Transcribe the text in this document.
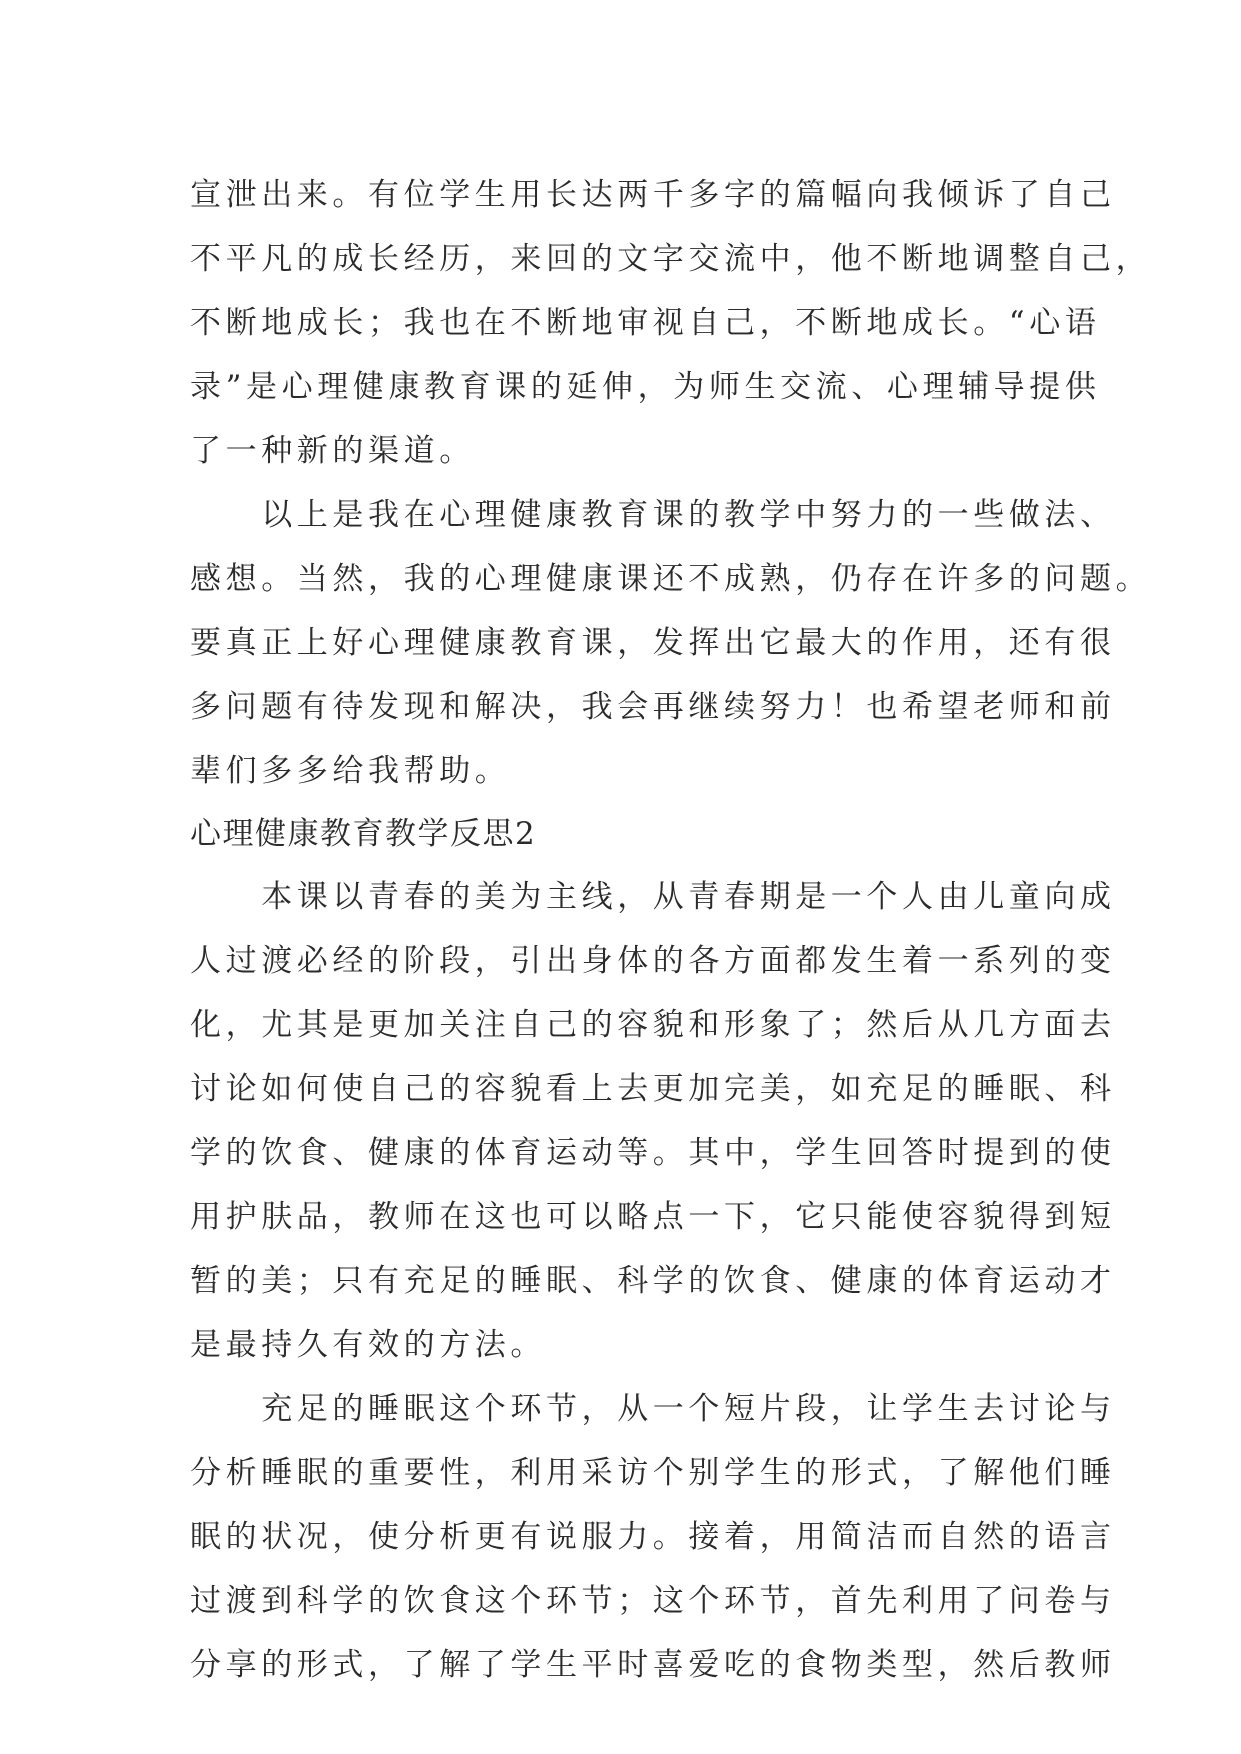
宣泄出来。有位学生用长达两千多字的篇幅向我倾诉了自己
不平凡的成长经历，来回的文字交流中，他不断地调整自己，
不断地成长；我也在不断地审视自己，不断地成长。“心语
录”是心理健康教育课的延伸，为师生交流、心理辅导提供
了一种新的渠道。
　　以上是我在心理健康教育课的教学中努力的一些做法、
感想。当然，我的心理健康课还不成熟，仍存在许多的问题。
要真正上好心理健康教育课，发挥出它最大的作用，还有很
多问题有待发现和解决，我会再继续努力！也希望老师和前
辈们多多给我帮助。
心理健康教育教学反思2
　　本课以青春的美为主线，从青春期是一个人由儿童向成
人过渡必经的阶段，引出身体的各方面都发生着一系列的变
化，尤其是更加关注自己的容貌和形象了；然后从几方面去
讨论如何使自己的容貌看上去更加完美，如充足的睡眠、科
学的饮食、健康的体育运动等。其中，学生回答时提到的使
用护肤品，教师在这也可以略点一下，它只能使容貌得到短
暂的美；只有充足的睡眠、科学的饮食、健康的体育运动才
是最持久有效的方法。
　　充足的睡眠这个环节，从一个短片段，让学生去讨论与
分析睡眠的重要性，利用采访个别学生的形式，了解他们睡
眠的状况，使分析更有说服力。接着，用简洁而自然的语言
过渡到科学的饮食这个环节；这个环节，首先利用了问卷与
分享的形式，了解了学生平时喜爱吃的食物类型，然后教师
